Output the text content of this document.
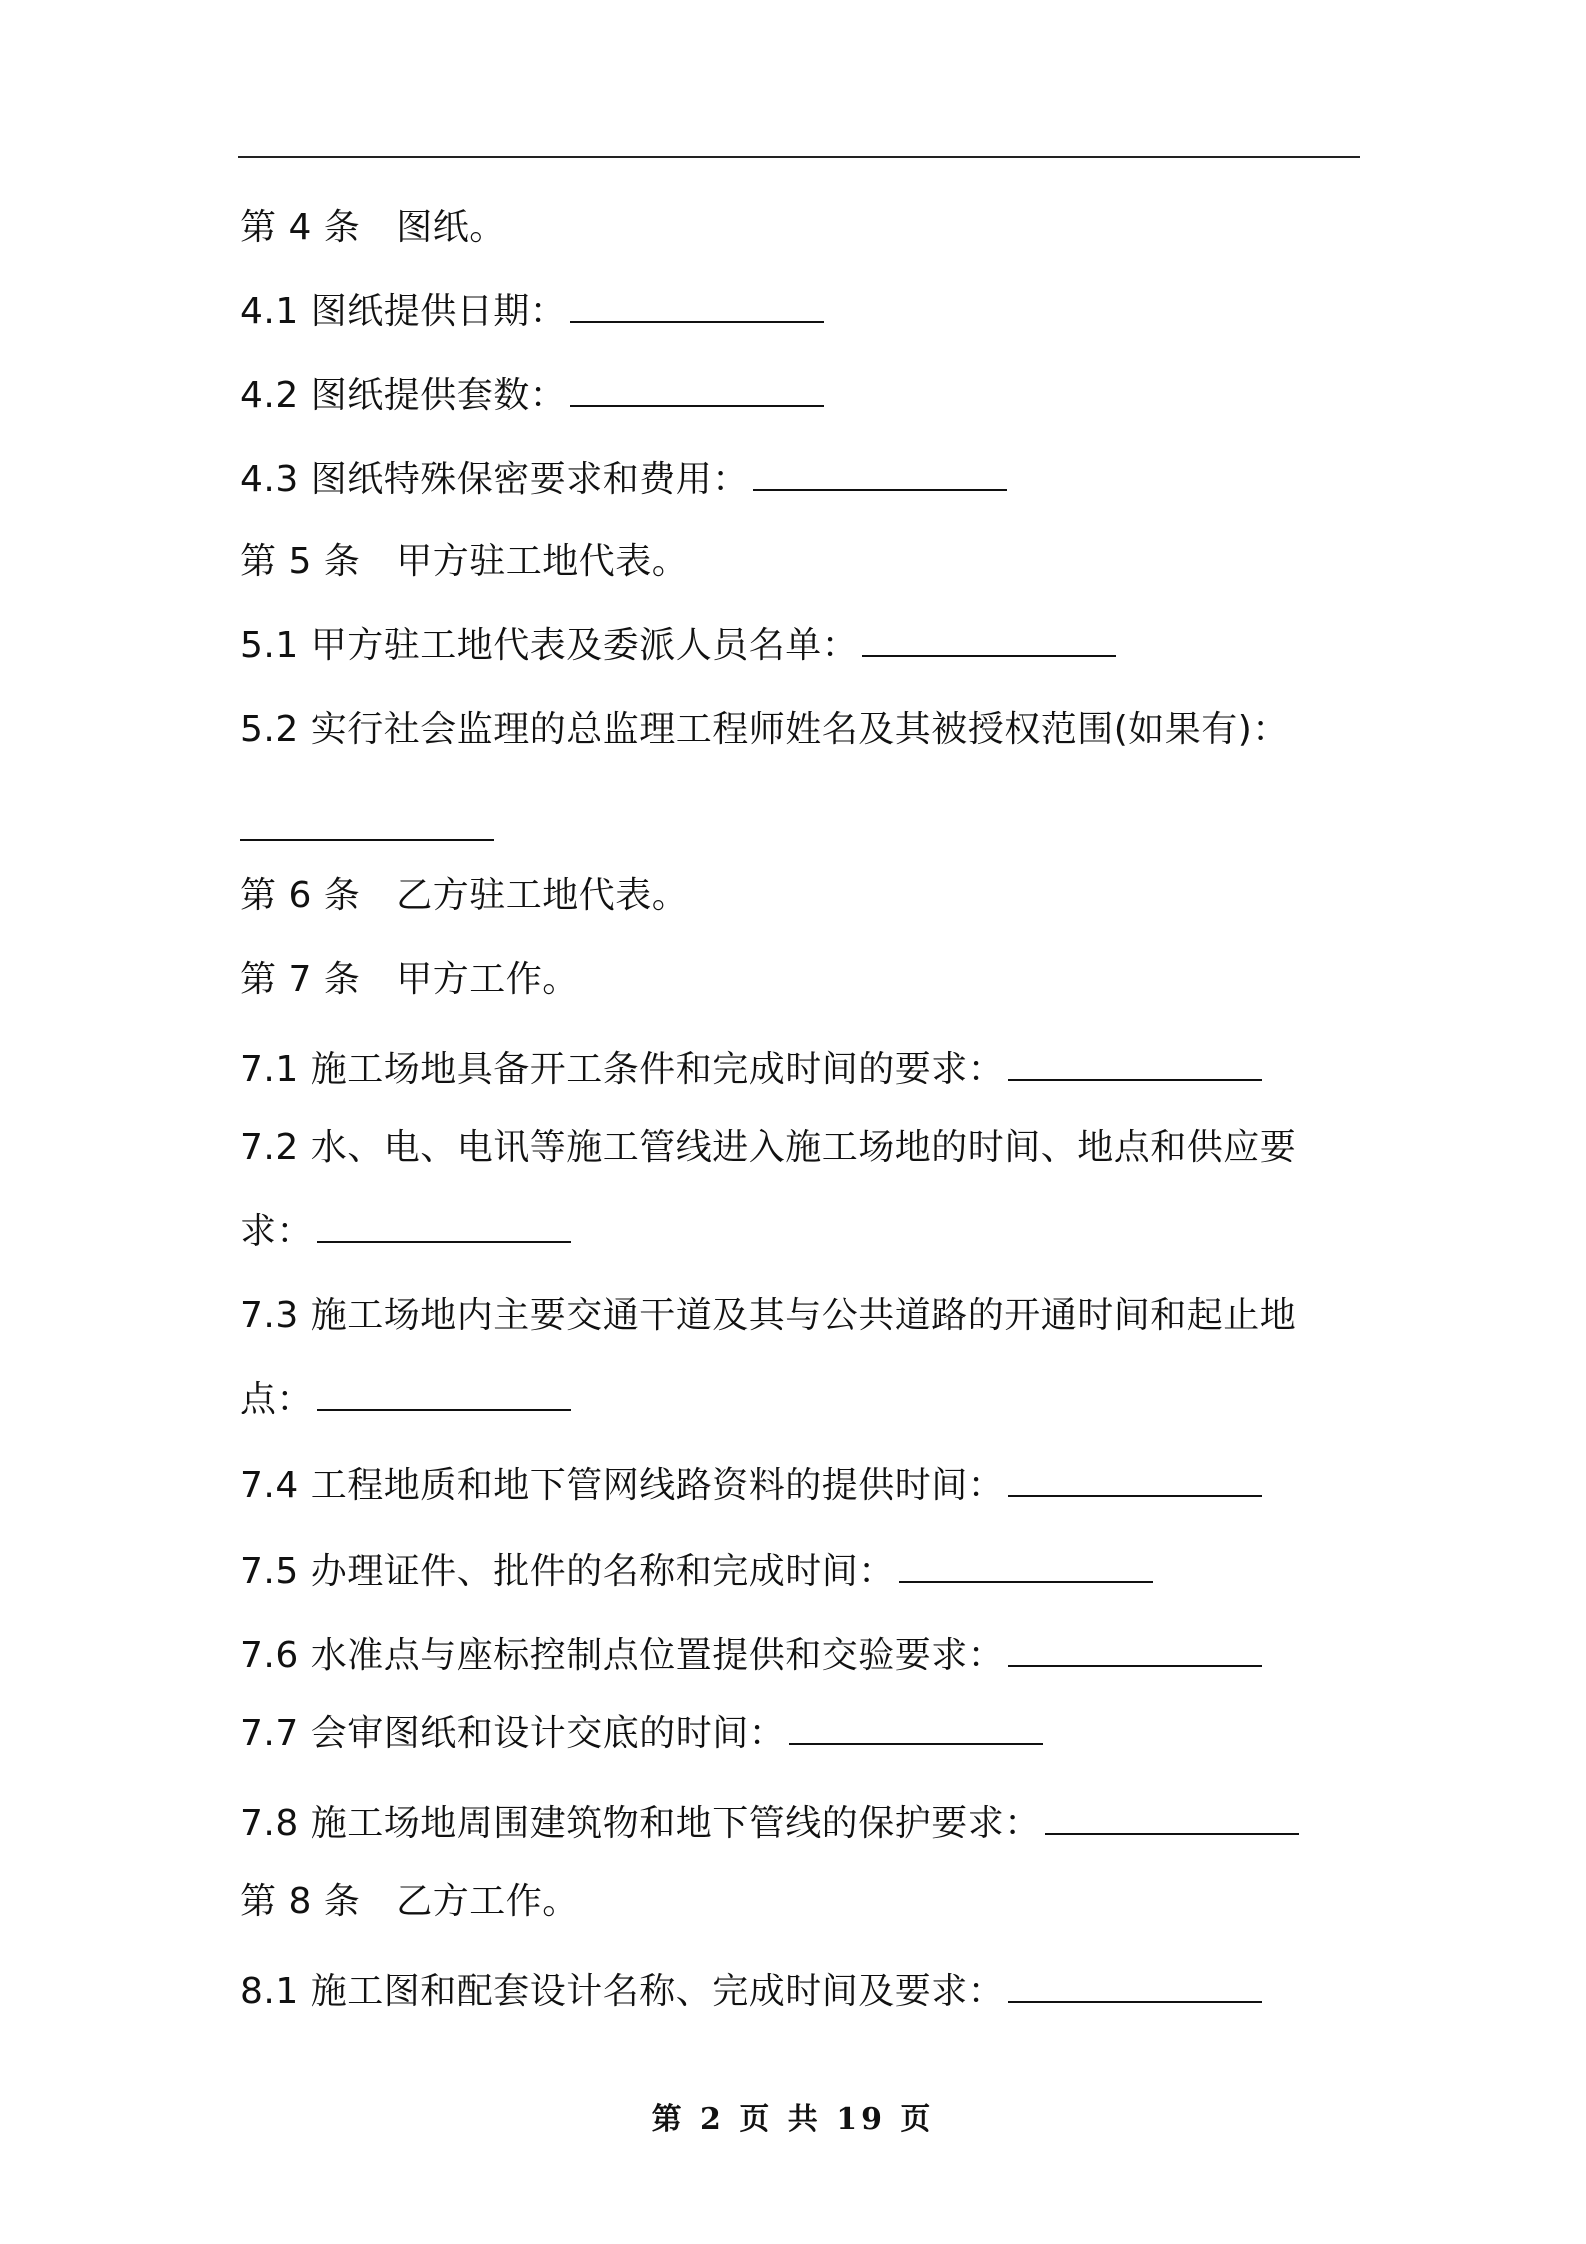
第 4 条 图纸。
4.1 图纸提供日期：
4.2 图纸提供套数：
4.3 图纸特殊保密要求和费用：
第 5 条 甲方驻工地代表。
5.1 甲方驻工地代表及委派人员名单：
5.2 实行社会监理的总监理工程师姓名及其被授权范围(如果有)：
第 6 条 乙方驻工地代表。
第 7 条 甲方工作。
7.1 施工场地具备开工条件和完成时间的要求：
7.2 水、电、电讯等施工管线进入施工场地的时间、地点和供应要
求：
7.3 施工场地内主要交通干道及其与公共道路的开通时间和起止地
点：
7.4 工程地质和地下管网线路资料的提供时间：
7.5 办理证件、批件的名称和完成时间：
7.6 水准点与座标控制点位置提供和交验要求：
7.7 会审图纸和设计交底的时间：
7.8 施工场地周围建筑物和地下管线的保护要求：
第 8 条 乙方工作。
8.1 施工图和配套设计名称、完成时间及要求：
第 2 页 共 19 页
